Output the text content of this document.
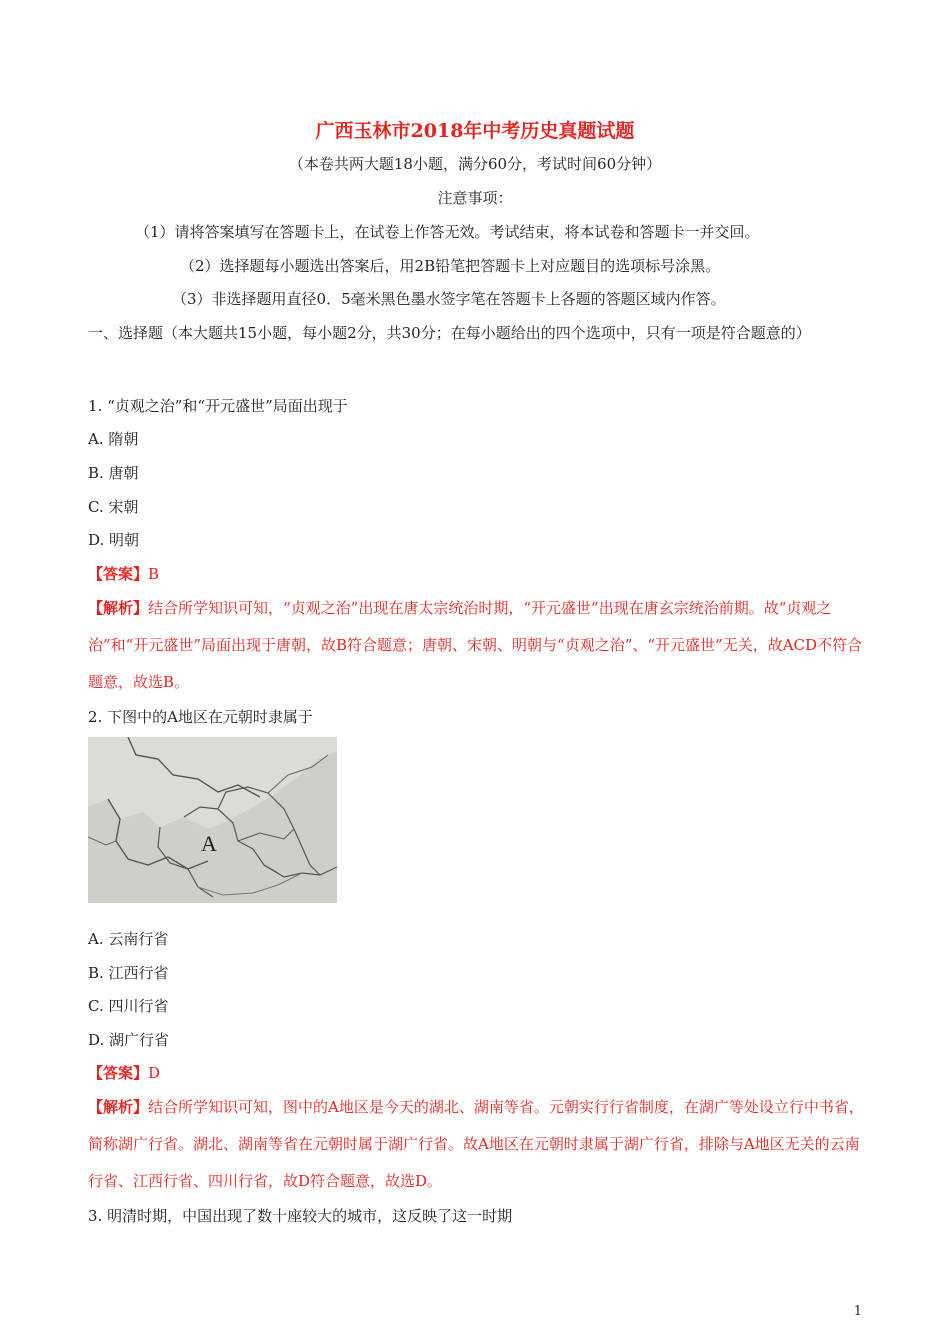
广西玉林市2018年中考历史真题试题
（本卷共两大题18小题，满分60分，考试时间60分钟）
注意事项：
（1）请将答案填写在答题卡上，在试卷上作答无效。考试结束，将本试卷和答题卡一并交回。
（2）选择题每小题选出答案后，用2B铅笔把答题卡上对应题目的选项标号涂黑。
（3）非选择题用直径0．5毫米黑色墨水签字笔在答题卡上各题的答题区域内作答。
一、选择题（本大题共15小题，每小题2分，共30分；在每小题给出的四个选项中，只有一项是符合题意的）
1. “贞观之治”和“开元盛世”局面出现于
A. 隋朝
B. 唐朝
C. 宋朝
D. 明朝
【答案】B
【解析】结合所学知识可知，“贞观之治”出现在唐太宗统治时期，“开元盛世”出现在唐玄宗统治前期。故“贞观之治”和“开元盛世”局面出现于唐朝，故B符合题意；唐朝、宋朝、明朝与“贞观之治”、“开元盛世”无关，故ACD不符合题意，故选B。
2. 下图中的A地区在元朝时隶属于
A
A. 云南行省
B. 江西行省
C. 四川行省
D. 湖广行省
【答案】D
【解析】结合所学知识可知，图中的A地区是今天的湖北、湖南等省。元朝实行行省制度，在湖广等处设立行中书省，简称湖广行省。湖北、湖南等省在元朝时属于湖广行省。故A地区在元朝时隶属于湖广行省，排除与A地区无关的云南行省、江西行省、四川行省，故D符合题意，故选D。
3. 明清时期，中国出现了数十座较大的城市，这反映了这一时期
1
